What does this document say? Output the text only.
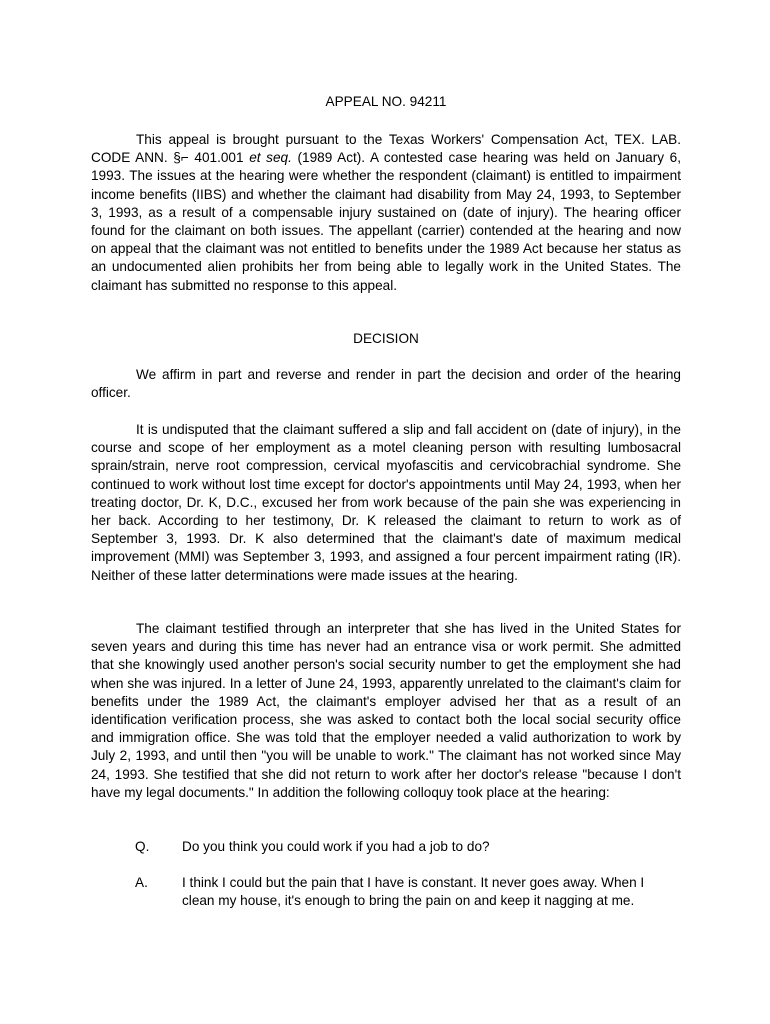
APPEAL NO. 94211
This appeal is brought pursuant to the Texas Workers' Compensation Act, TEX. LAB. CODE ANN. §⌐ 401.001 et seq. (1989 Act). A contested case hearing was held on January 6, 1993. The issues at the hearing were whether the respondent (claimant) is entitled to impairment income benefits (IIBS) and whether the claimant had disability from May 24, 1993, to September 3, 1993, as a result of a compensable injury sustained on (date of injury). The hearing officer found for the claimant on both issues. The appellant (carrier) contended at the hearing and now on appeal that the claimant was not entitled to benefits under the 1989 Act because her status as an undocumented alien prohibits her from being able to legally work in the United States. The claimant has submitted no response to this appeal.
DECISION
We affirm in part and reverse and render in part the decision and order of the hearing officer.
It is undisputed that the claimant suffered a slip and fall accident on (date of injury), in the course and scope of her employment as a motel cleaning person with resulting lumbosacral sprain/strain, nerve root compression, cervical myofascitis and cervicobrachial syndrome. She continued to work without lost time except for doctor's appointments until May 24, 1993, when her treating doctor, Dr. K, D.C., excused her from work because of the pain she was experiencing in her back. According to her testimony, Dr. K released the claimant to return to work as of September 3, 1993. Dr. K also determined that the claimant's date of maximum medical improvement (MMI) was September 3, 1993, and assigned a four percent impairment rating (IR). Neither of these latter determinations were made issues at the hearing.
The claimant testified through an interpreter that she has lived in the United States for seven years and during this time has never had an entrance visa or work permit. She admitted that she knowingly used another person's social security number to get the employment she had when she was injured. In a letter of June 24, 1993, apparently unrelated to the claimant's claim for benefits under the 1989 Act, the claimant's employer advised her that as a result of an identification verification process, she was asked to contact both the local social security office and immigration office. She was told that the employer needed a valid authorization to work by July 2, 1993, and until then "you will be unable to work." The claimant has not worked since May 24, 1993. She testified that she did not return to work after her doctor's release "because I don't have my legal documents." In addition the following colloquy took place at the hearing:
Q. Do you think you could work if you had a job to do?
A.	I think I could but the pain that I have is constant. It never goes away. When I clean my house, it's enough to bring the pain on and keep it nagging at me.
